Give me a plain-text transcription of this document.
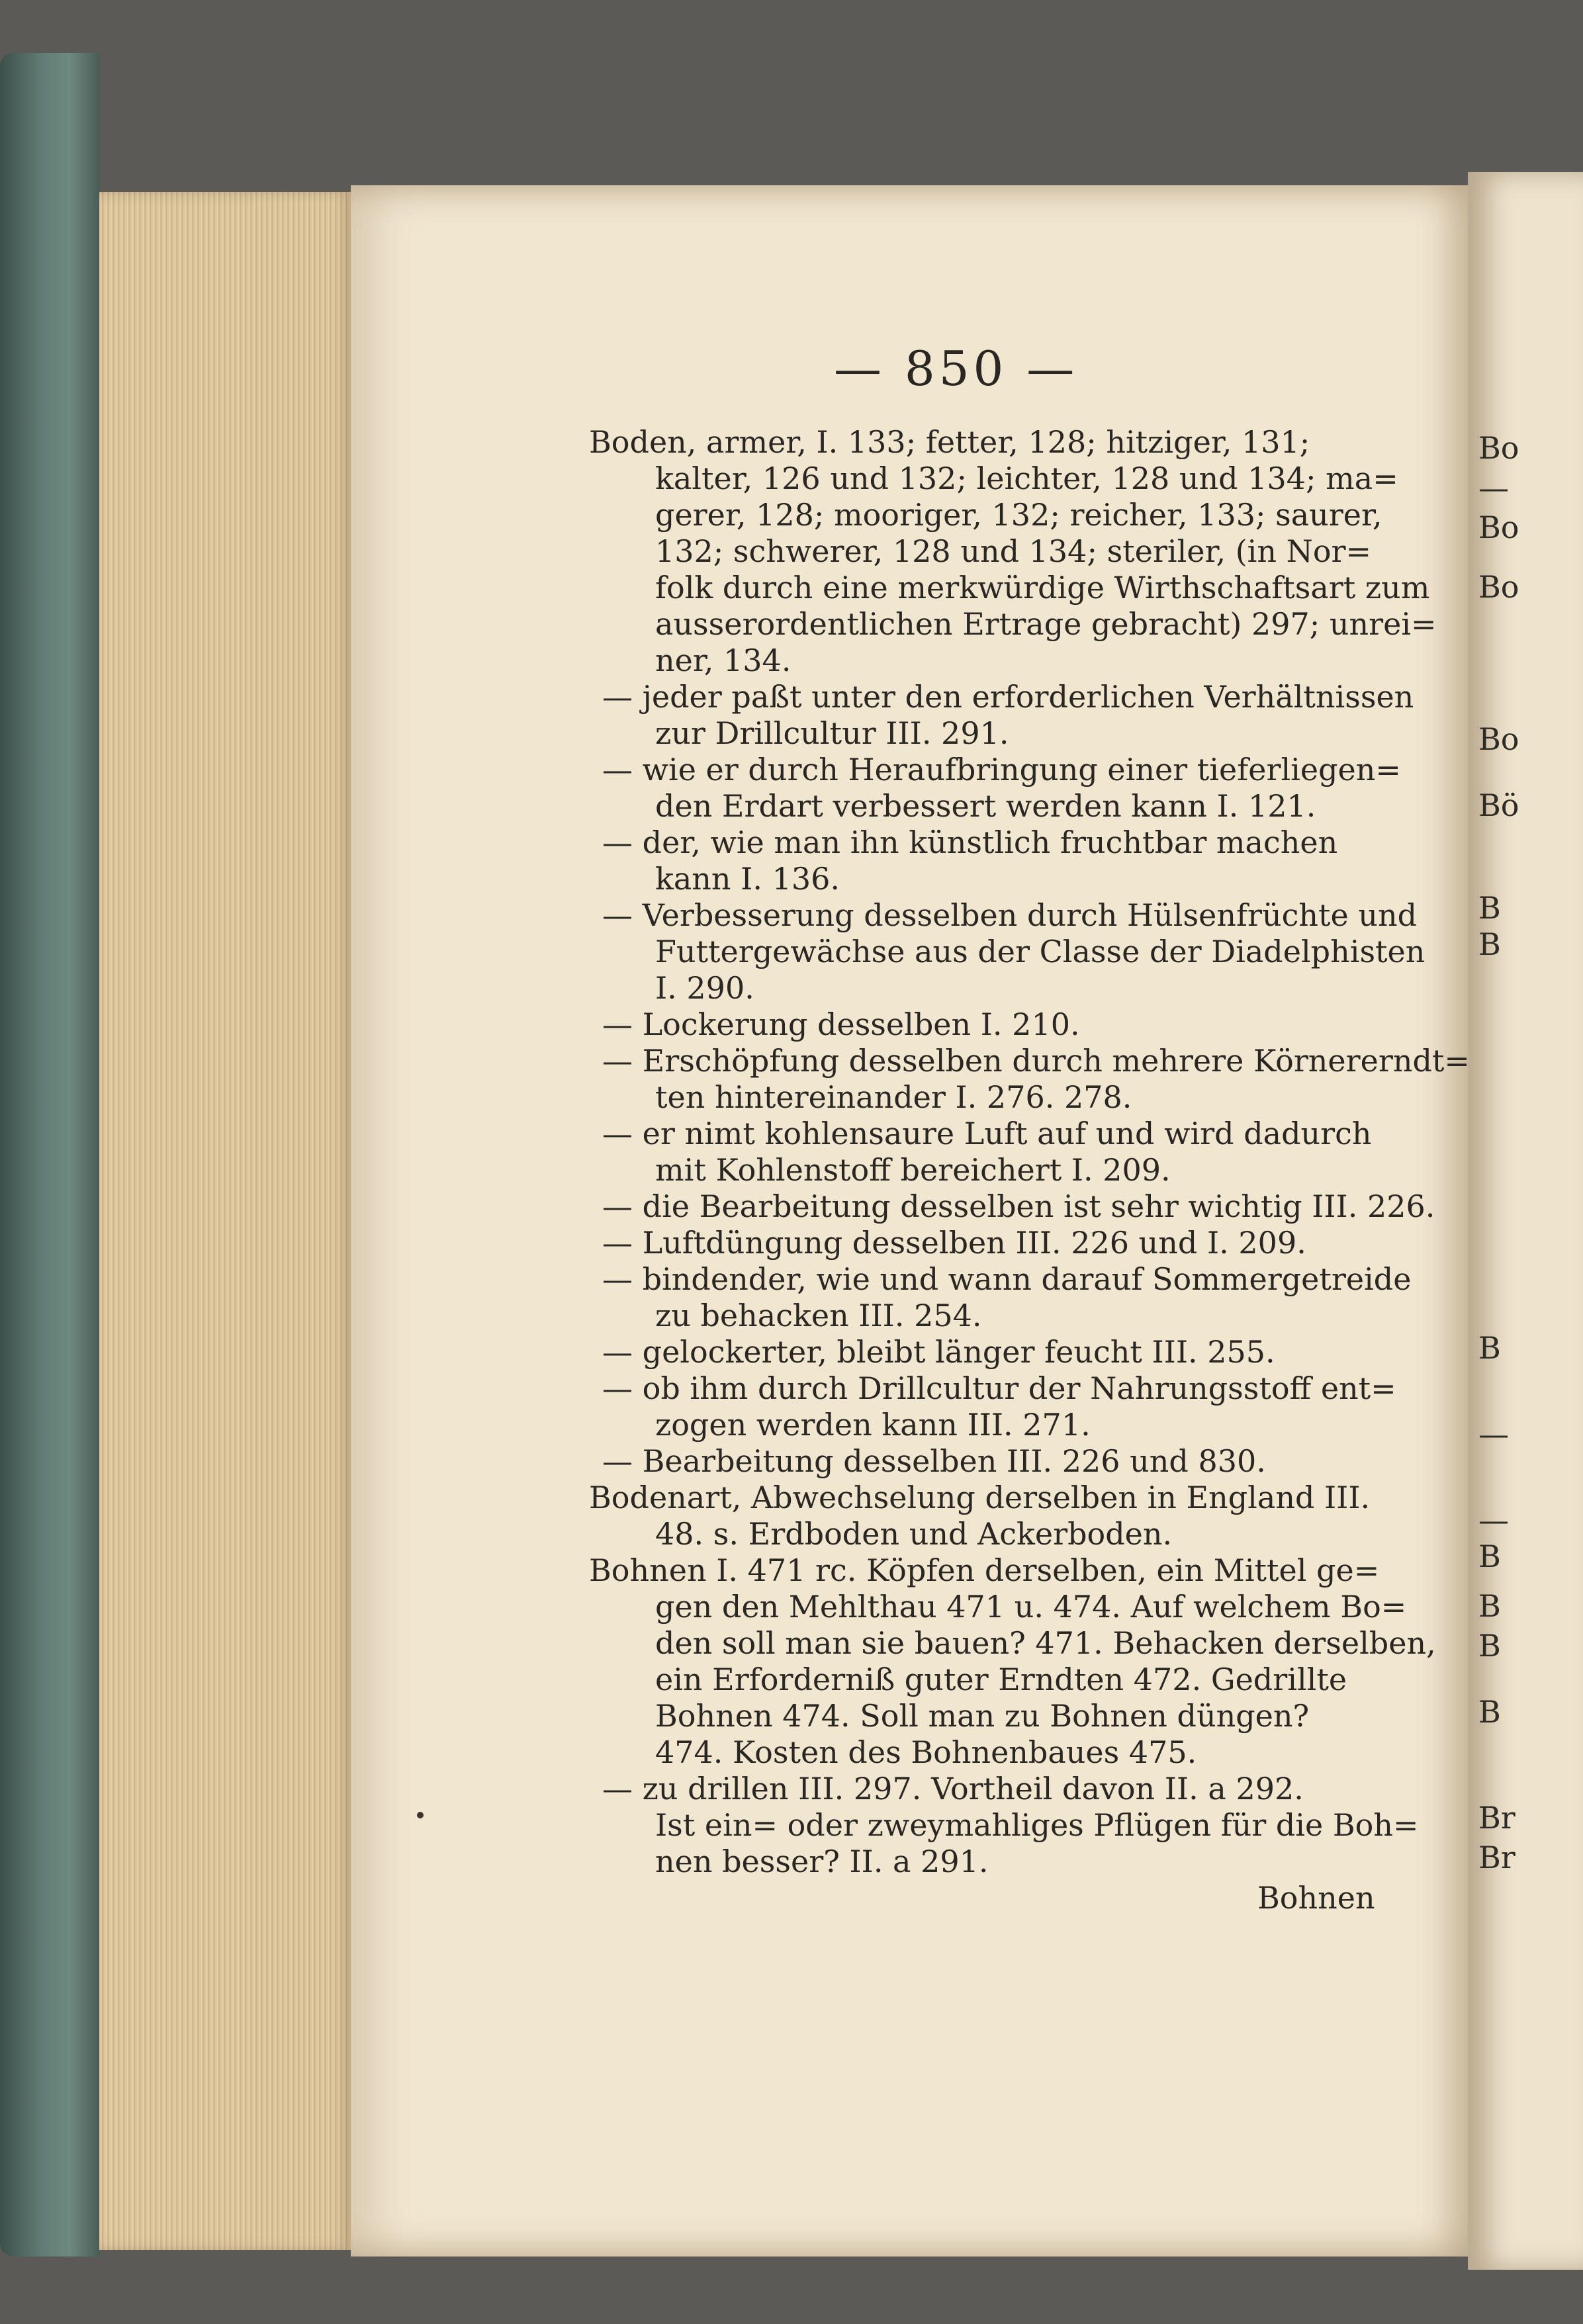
Bo
—
Bo
Bo
Bo
Bö
B
B
B
—
—
B
B
B
B
Br
Br
— 850 —
Boden, armer, I. 133; fetter, 128; hitziger, 131;
kalter, 126 und 132; leichter, 128 und 134; ma=
gerer, 128; mooriger, 132; reicher, 133; saurer,
132; schwerer, 128 und 134; steriler, (in Nor=
folk durch eine merkwürdige Wirthschaftsart zum
ausserordentlichen Ertrage gebracht) 297; unrei=
ner, 134.
— jeder paßt unter den erforderlichen Verhältnissen
zur Drillcultur III. 291.
— wie er durch Heraufbringung einer tieferliegen=
den Erdart verbessert werden kann I. 121.
— der, wie man ihn künstlich fruchtbar machen
kann I. 136.
— Verbesserung desselben durch Hülsenfrüchte und
Futtergewächse aus der Classe der Diadelphisten
I. 290.
— Lockerung desselben I. 210.
— Erschöpfung desselben durch mehrere Körnererndt=
ten hintereinander I. 276. 278.
— er nimt kohlensaure Luft auf und wird dadurch
mit Kohlenstoff bereichert I. 209.
— die Bearbeitung desselben ist sehr wichtig III. 226.
— Luftdüngung desselben III. 226 und I. 209.
— bindender, wie und wann darauf Sommergetreide
zu behacken III. 254.
— gelockerter, bleibt länger feucht III. 255.
— ob ihm durch Drillcultur der Nahrungsstoff ent=
zogen werden kann III. 271.
— Bearbeitung desselben III. 226 und 830.
Bodenart, Abwechselung derselben in England III.
48. s. Erdboden und Ackerboden.
Bohnen I. 471 rc. Köpfen derselben, ein Mittel ge=
gen den Mehlthau 471 u. 474. Auf welchem Bo=
den soll man sie bauen? 471. Behacken derselben,
ein Erforderniß guter Erndten 472. Gedrillte
Bohnen 474. Soll man zu Bohnen düngen?
474. Kosten des Bohnenbaues 475.
— zu drillen III. 297. Vortheil davon II. a 292.
Ist ein= oder zweymahliges Pflügen für die Boh=
nen besser? II. a 291.
Bohnen
